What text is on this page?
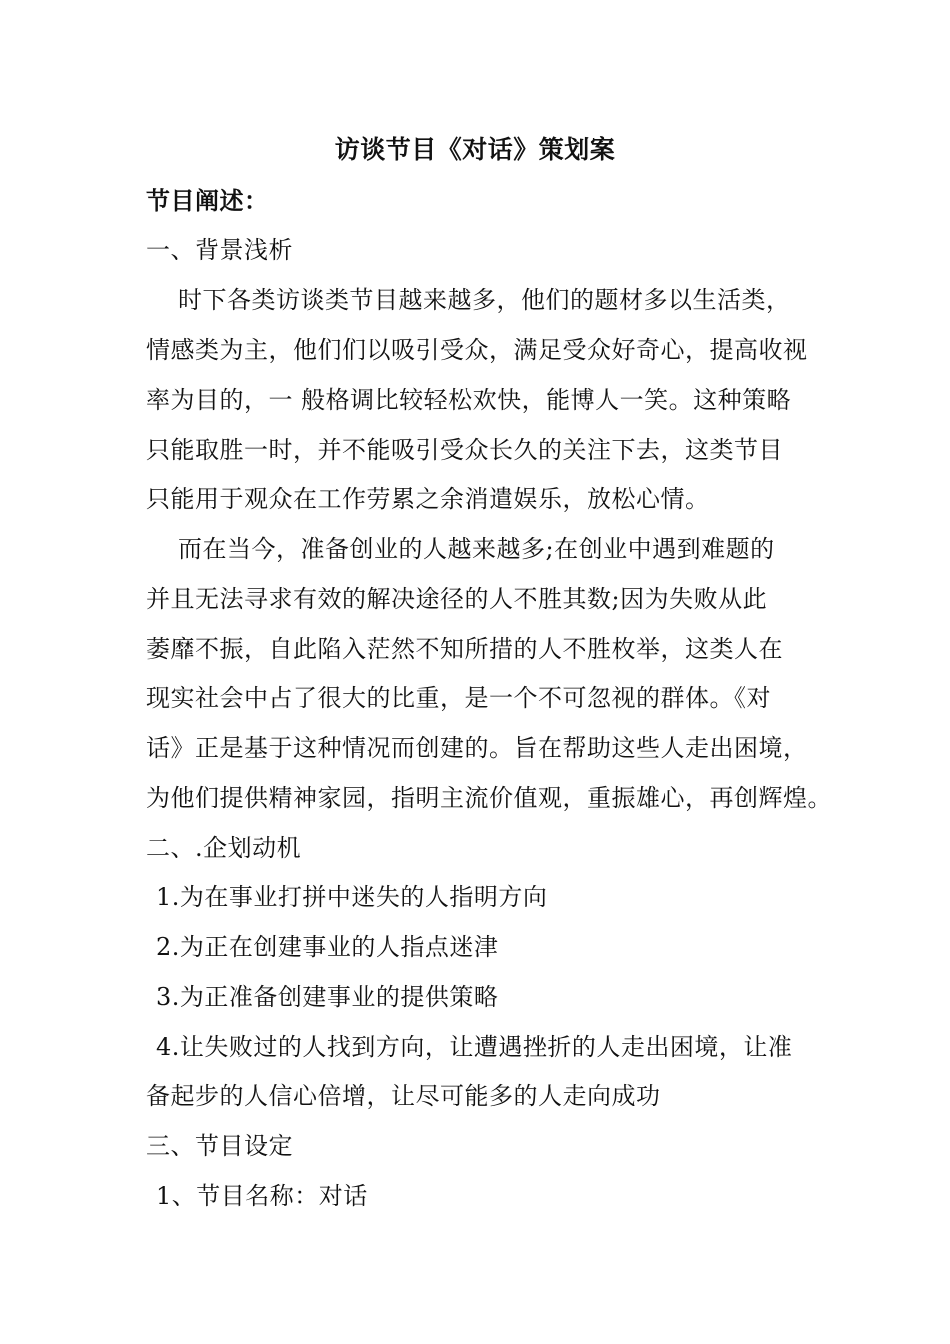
访谈节目《对话》策划案
节目阐述：
一、背景浅析
时下各类访谈类节目越来越多，他们的题材多以生活类，
情感类为主，他们们以吸引受众，满足受众好奇心，提高收视
率为目的，一 般格调比较轻松欢快，能博人一笑。这种策略
只能取胜一时，并不能吸引受众长久的关注下去，这类节目
只能用于观众在工作劳累之余消遣娱乐，放松心情。
而在当今，准备创业的人越来越多;在创业中遇到难题的
并且无法寻求有效的解决途径的人不胜其数;因为失败从此
萎靡不振，自此陷入茫然不知所措的人不胜枚举，这类人在
现实社会中占了很大的比重，是一个不可忽视的群体。《对
话》正是基于这种情况而创建的。旨在帮助这些人走出困境，
为他们提供精神家园，指明主流价值观，重振雄心，再创辉煌。
二、.企划动机
1.为在事业打拼中迷失的人指明方向
2.为正在创建事业的人指点迷津
3.为正准备创建事业的提供策略
4.让失败过的人找到方向，让遭遇挫折的人走出困境，让准
备起步的人信心倍增，让尽可能多的人走向成功
三、节目设定
1、节目名称：对话
